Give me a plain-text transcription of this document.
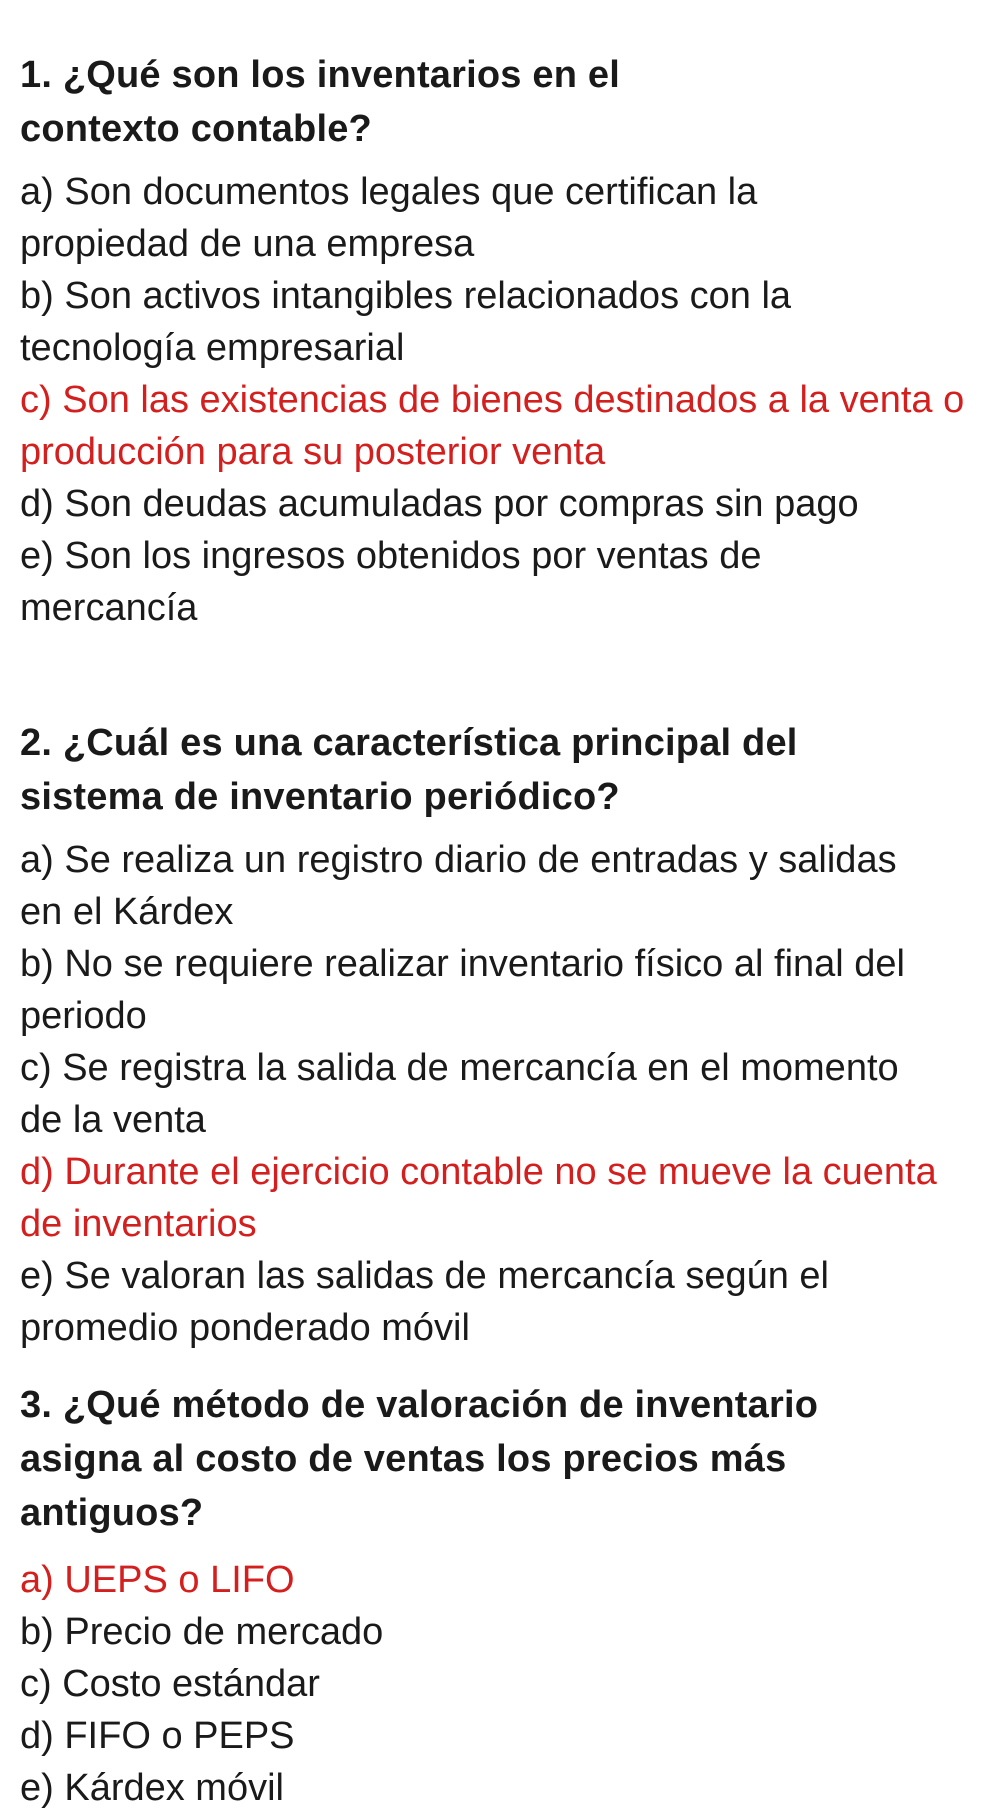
1. ¿Qué son los inventarios en el contexto contable?
a) Son documentos legales que certifican la propiedad de una empresa
b) Son activos intangibles relacionados con la tecnología empresarial
c) Son las existencias de bienes destinados a la venta o producción para su posterior venta
d) Son deudas acumuladas por compras sin pago
e) Son los ingresos obtenidos por ventas de mercancía
2. ¿Cuál es una característica principal del sistema de inventario periódico?
a) Se realiza un registro diario de entradas y salidas en el Kárdex
b) No se requiere realizar inventario físico al final del periodo
c) Se registra la salida de mercancía en el momento de la venta
d) Durante el ejercicio contable no se mueve la cuenta de inventarios
e) Se valoran las salidas de mercancía según el promedio ponderado móvil
3. ¿Qué método de valoración de inventario asigna al costo de ventas los precios más antiguos?
a) UEPS o LIFO
b) Precio de mercado
c) Costo estándar
d) FIFO o PEPS
e) Kárdex móvil
